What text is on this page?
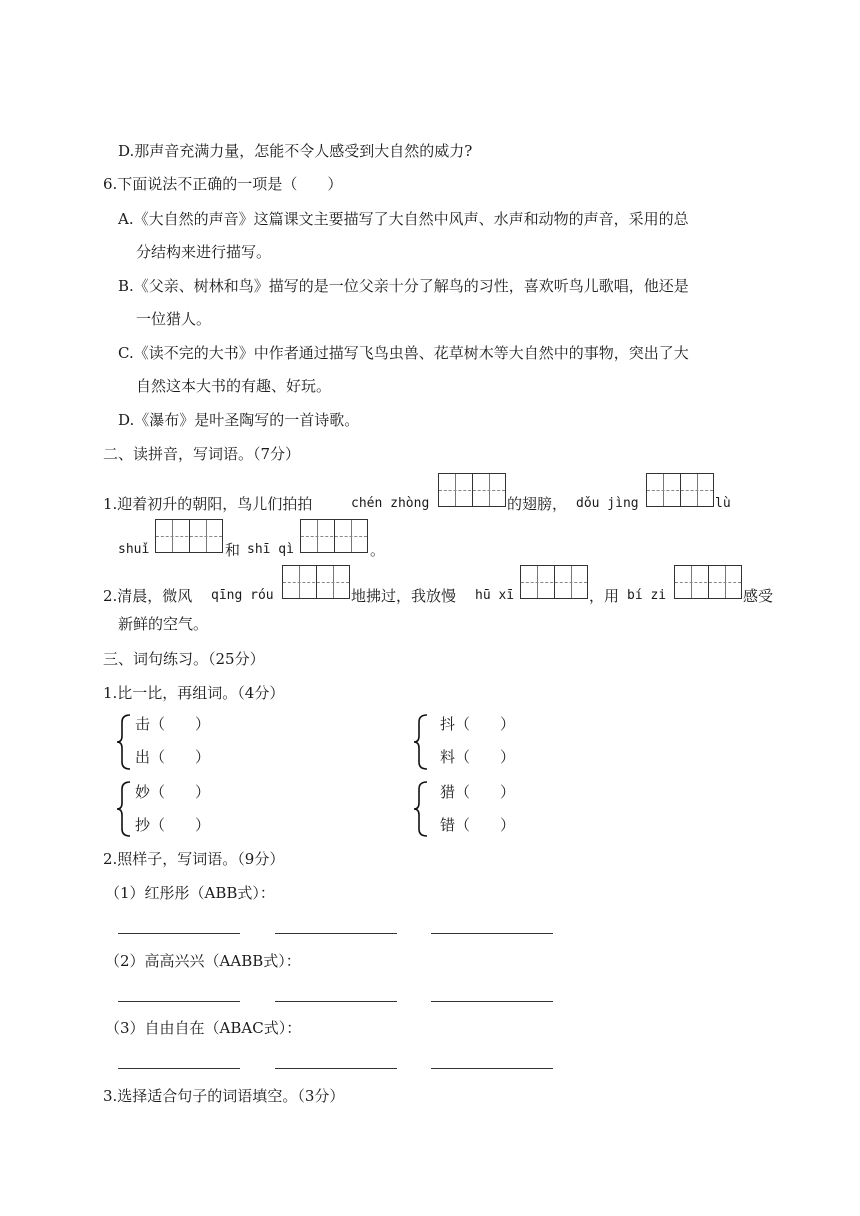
D.那声音充满力量，怎能不令人感受到大自然的威力?
6.下面说法不正确的一项是（　　）
A.《大自然的声音》这篇课文主要描写了大自然中风声、水声和动物的声音，采用的总
分结构来进行描写。
B.《父亲、树林和鸟》描写的是一位父亲十分了解鸟的习性，喜欢听鸟儿歌唱，他还是
一位猎人。
C.《读不完的大书》中作者通过描写飞鸟虫兽、花草树木等大自然中的事物，突出了大
自然这本大书的有趣、好玩。
D.《瀑布》是叶圣陶写的一首诗歌。
二、读拼音，写词语。（7分）
1.迎着初升的朝阳，鸟儿们拍拍	chén zhòng	的翅膀， dǒu jìng	lù
shuǐ	和 shī qì	。
2.清晨，微风 qīng róu	地拂过，我放慢 hū xī	，用 bí zi	感受
新鲜的空气。
三、词句练习。（25分）
1.比一比，再组词。（4分）
击（　　）
出（　　）
抖（　　）
料（　　）
妙（　　）
抄（　　）
猎（　　）
错（　　）
2.照样子，写词语。（9分）
（1）红彤彤（ABB式）：
（2）高高兴兴（AABB式）：
（3）自由自在（ABAC式）：
3.选择适合句子的词语填空。（3分）
